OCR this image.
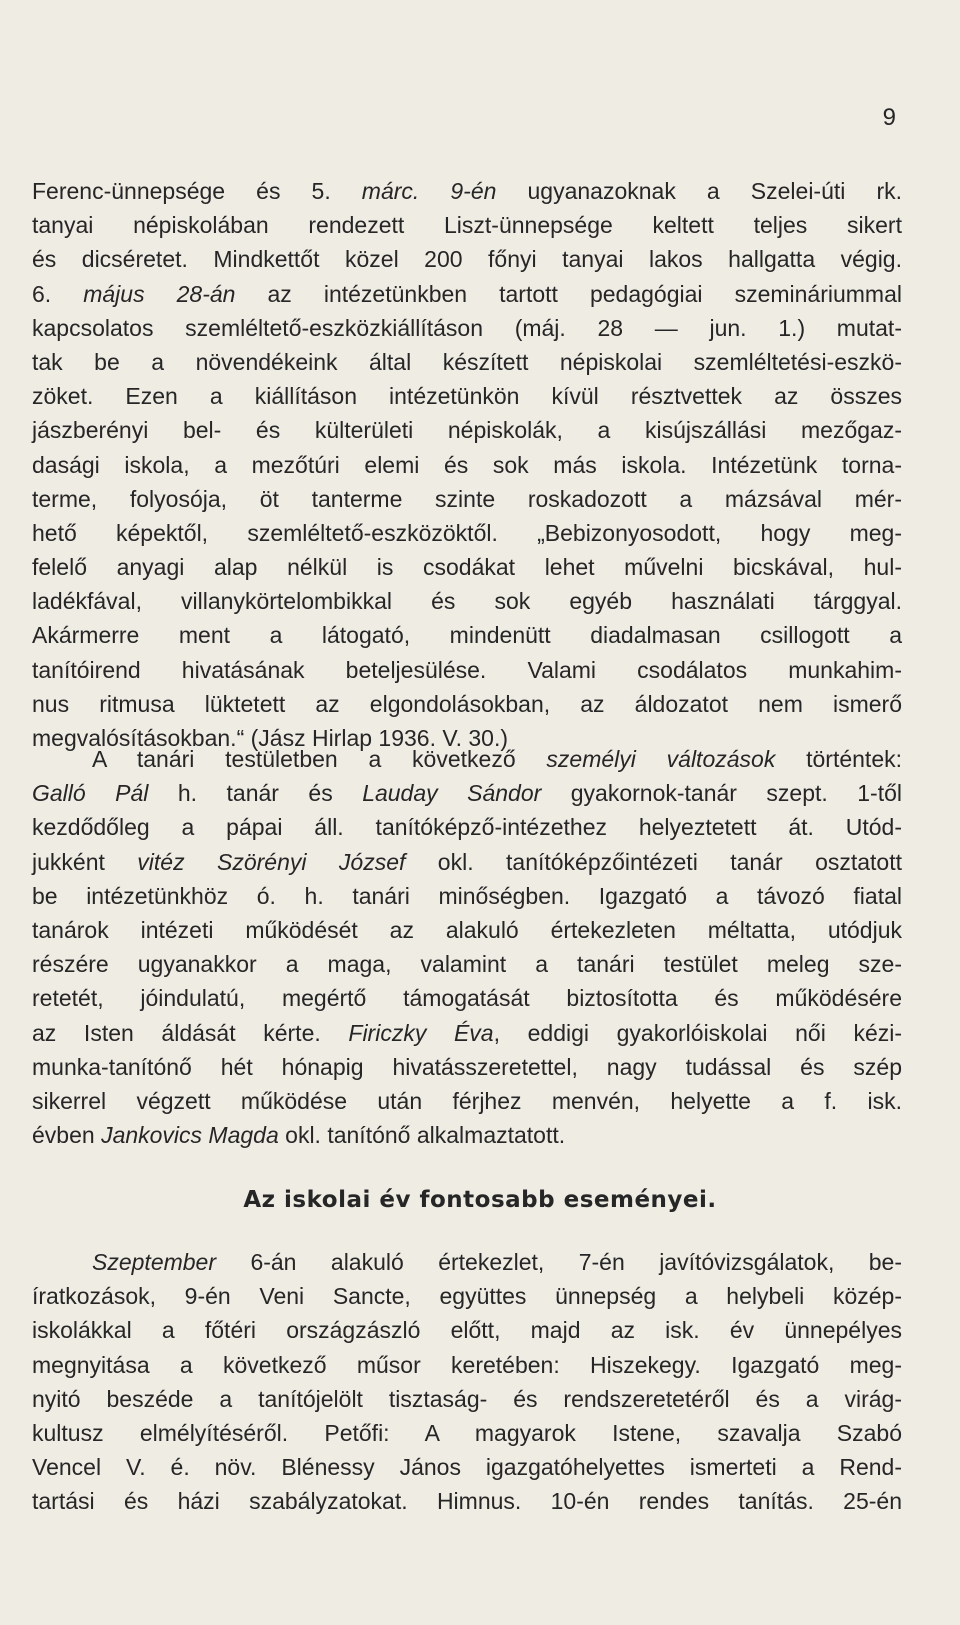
9
Ferenc-ünnepsége és 5. márc. 9-én ugyanazoknak a Szelei-úti rk.
tanyai népiskolában rendezett Liszt-ünnepsége keltett teljes sikert
és dicséretet. Mindkettőt közel 200 főnyi tanyai lakos hallgatta végig.
6. május 28-án az intézetünkben tartott pedagógiai szemináriummal
kapcsolatos szemléltető-eszközkiállításon (máj. 28 — jun. 1.) mutat-
tak be a növendékeink által készített népiskolai szemléltetési-eszkö-
zöket. Ezen a kiállításon intézetünkön kívül résztvettek az összes
jászberényi bel- és külterületi népiskolák, a kisújszállási mezőgaz-
dasági iskola, a mezőtúri elemi és sok más iskola. Intézetünk torna-
terme, folyosója, öt tanterme szinte roskadozott a mázsával mér-
hető képektől, szemléltető-eszközöktől. „Bebizonyosodott, hogy meg-
felelő anyagi alap nélkül is csodákat lehet művelni bicskával, hul-
ladékfával, villanykörtelombikkal és sok egyéb használati tárggyal.
Akármerre ment a látogató, mindenütt diadalmasan csillogott a
tanítóirend hivatásának beteljesülése. Valami csodálatos munkahim-
nus ritmusa lüktetett az elgondolásokban, az áldozatot nem ismerő
megvalósításokban.“ (Jász Hirlap 1936. V. 30.)
A tanári testületben a következő személyi változások történtek:
Galló Pál h. tanár és Lauday Sándor gyakornok-tanár szept. 1-től
kezdődőleg a pápai áll. tanítóképző-intézethez helyeztetett át. Utód-
jukként vitéz Szörényi József okl. tanítóképzőintézeti tanár osztatott
be intézetünkhöz ó. h. tanári minőségben. Igazgató a távozó fiatal
tanárok intézeti működését az alakuló értekezleten méltatta, utódjuk
részére ugyanakkor a maga, valamint a tanári testület meleg sze-
retetét, jóindulatú, megértő támogatását biztosította és működésére
az Isten áldását kérte. Firiczky Éva, eddigi gyakorlóiskolai női kézi-
munka-tanítónő hét hónapig hivatásszeretettel, nagy tudással és szép
sikerrel végzett működése után férjhez menvén, helyette a f. isk.
évben Jankovics Magda okl. tanítónő alkalmaztatott.
Az iskolai év fontosabb eseményei.
Szeptember 6-án alakuló értekezlet, 7-én javítóvizsgálatok, be-
íratkozások, 9-én Veni Sancte, együttes ünnepség a helybeli közép-
iskolákkal a főtéri országzászló előtt, majd az isk. év ünnepélyes
megnyitása a következő műsor keretében: Hiszekegy. Igazgató meg-
nyitó beszéde a tanítójelölt tisztaság- és rendszeretetéről és a virág-
kultusz elmélyítéséről. Petőfi: A magyarok Istene, szavalja Szabó
Vencel V. é. növ. Blénessy János igazgatóhelyettes ismerteti a Rend-
tartási és házi szabályzatokat. Himnus. 10-én rendes tanítás. 25-én
